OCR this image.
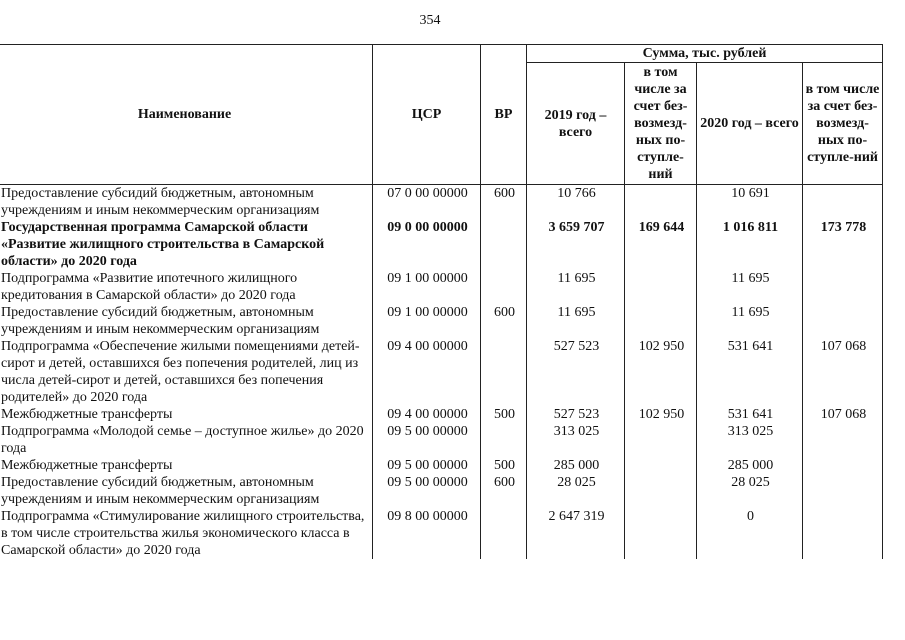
354
Наименование	ЦСР	ВР	Сумма, тыс. рублей			
			2019 год – всего	в том числе за счет без-возмезд-ных по-ступле-ний	2020 год – всего	в том числе за счет без-возмезд-ных по-ступле-ний
Предоставление субсидий бюджетным, автономным учреждениям и иным некоммерческим организациям	07 0 00 00000	600	10 766		10 691	
Государственная программа Самарской области «Развитие жилищного строительства в Самарской области» до 2020 года	09 0 00 00000		3 659 707	169 644	1 016 811	173 778
Подпрограмма «Развитие ипотечного жилищного кредитования в Самарской области» до 2020 года	09 1 00 00000		11 695		11 695	
Предоставление субсидий бюджетным, автономным учреждениям и иным некоммерческим организациям	09 1 00 00000	600	11 695		11 695	
Подпрограмма «Обеспечение жилыми помещениями детей-сирот и детей, оставшихся без попечения родителей, лиц из числа детей-сирот и детей, оставшихся без попечения родителей» до 2020 года	09 4 00 00000		527 523	102 950	531 641	107 068
Межбюджетные трансферты	09 4 00 00000	500	527 523	102 950	531 641	107 068
Подпрограмма «Молодой семье – доступное жилье» до 2020 года	09 5 00 00000		313 025		313 025	
Межбюджетные трансферты	09 5 00 00000	500	285 000		285 000	
Предоставление субсидий бюджетным, автономным учреждениям и иным некоммерческим организациям	09 5 00 00000	600	28 025		28 025	
Подпрограмма «Стимулирование жилищного строительства, в том числе строительства жилья экономического класса в Самарской области» до 2020 года	09 8 00 00000		2 647 319		0	
